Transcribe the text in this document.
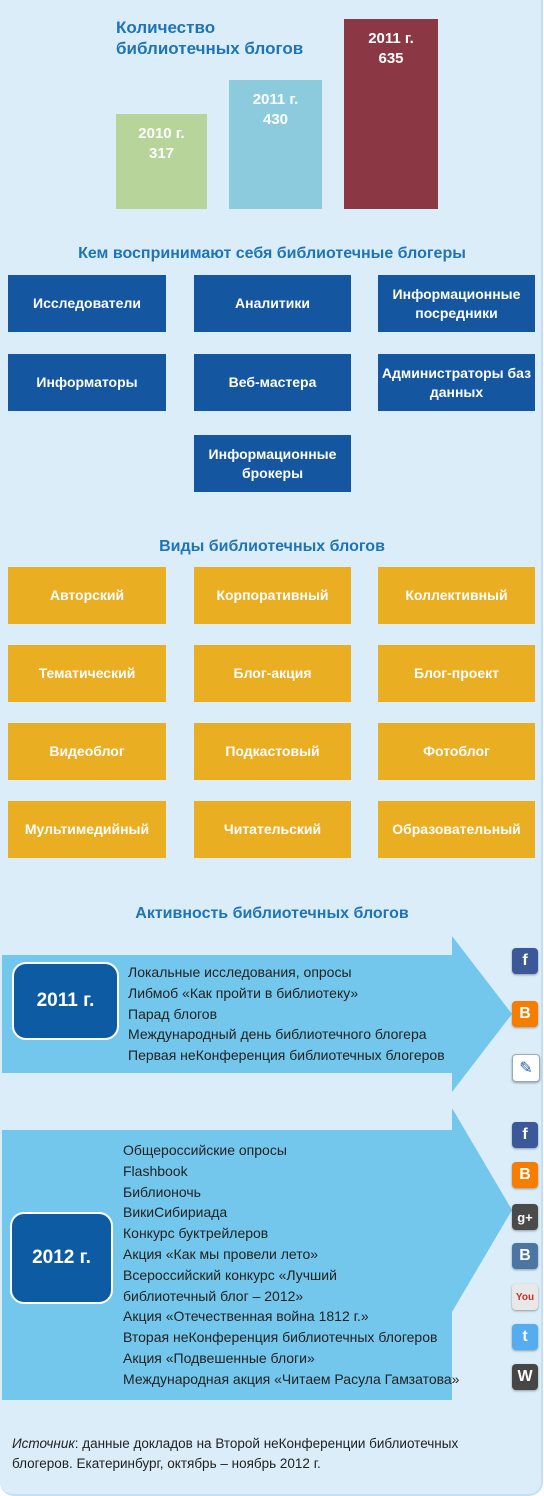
Количество
библиотечных блогов
2010 г.
317
2011 г.
430
2011 г.
635
Кем воспринимают себя библиотечные блогеры
Исследователи	Аналитики
Информационные посредники
Информаторы	Веб-мастера
Администраторы баз данных
Информационные брокеры
Виды библиотечных блогов
Авторский	Корпоративный	Коллективный
Тематический	Блог-акция	Блог-проект
Видеоблог	Подкастовый	Фотоблог
Мультимедийный	Читательский	Образовательный
Активность библиотечных блогов
2011 г.
Локальные исследования, опросы
Либмоб «Как пройти в библиотеку»
Парад блогов
Международный день библиотечного блогера
Первая неКонференция библиотечных блогеров
2012 г.
Общероссийские опросы
Flashbook
Библионочь
ВикиСибириада
Конкурс буктрейлеров
Акция «Как мы провели лето»
Всероссийский конкурс «Лучший
библиотечный блог – 2012»
Акция «Отечественная война 1812 г.»
Вторая неКонференция библиотечных блогеров
Акция «Подвешенные блоги»
Международная акция «Читаем Расула Гамзатова»
f
B
✎
f
B
g+
B
You
t
W
Источник: данные докладов на Второй неКонференции библиотечных
блогеров. Екатеринбург, октябрь – ноябрь 2012 г.
